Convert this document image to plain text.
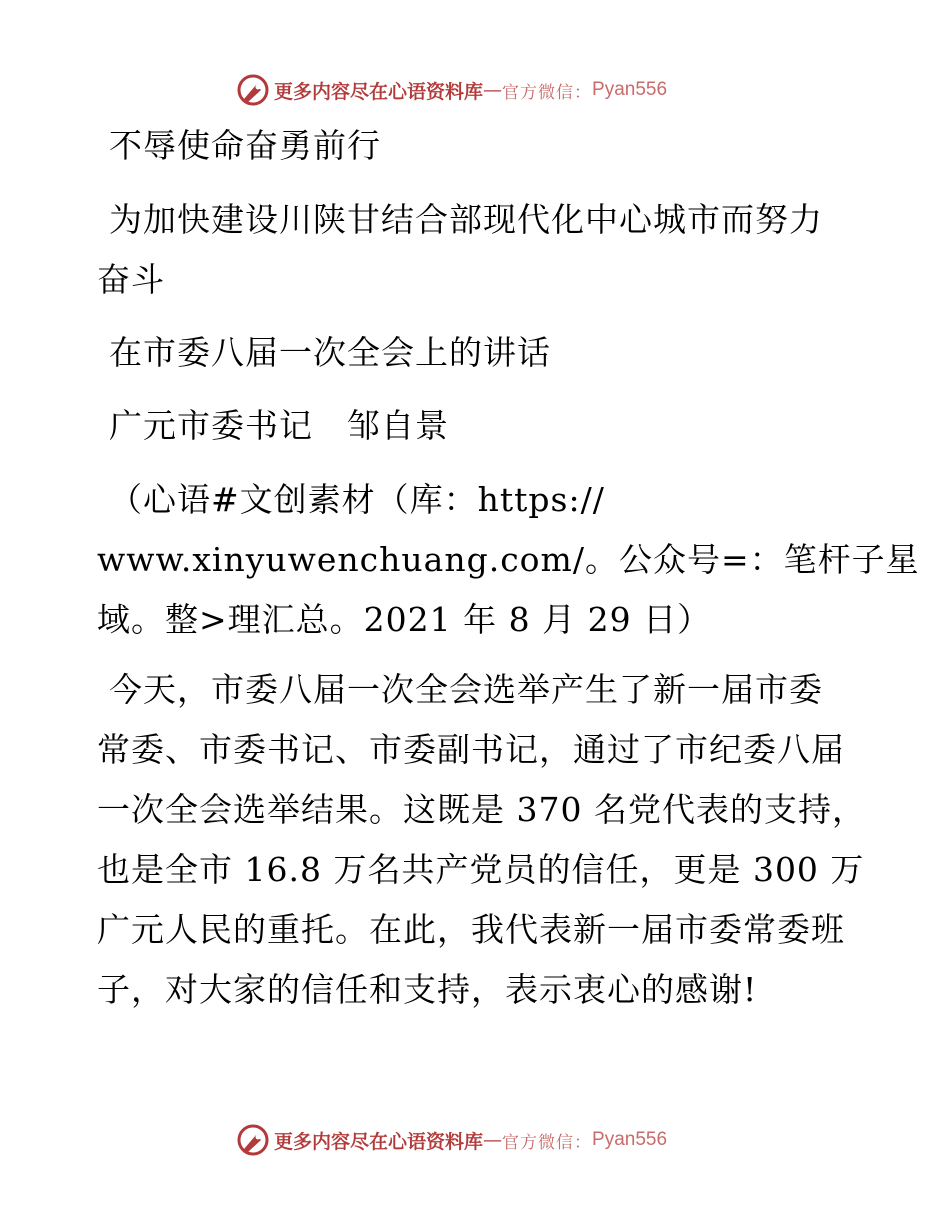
更多内容尽在心语资料库 — 官方微信： Pyan556
不辱使命奋勇前行
为加快建设川陕甘结合部现代化中心城市而努力
奋斗
在市委八届一次全会上的讲话
广元市委书记　邹自景
（心语#文创素材（库：https://
www.xinyuwenchuang.com/。公众号=：笔杆子星
域。整>理汇总。2021 年 8 月 29 日）
今天，市委八届一次全会选举产生了新一届市委
常委、市委书记、市委副书记，通过了市纪委八届
一次全会选举结果。这既是 370 名党代表的支持，
也是全市 16.8 万名共产党员的信任，更是 300 万
广元人民的重托。在此，我代表新一届市委常委班
子，对大家的信任和支持，表示衷心的感谢!
更多内容尽在心语资料库 — 官方微信： Pyan556
